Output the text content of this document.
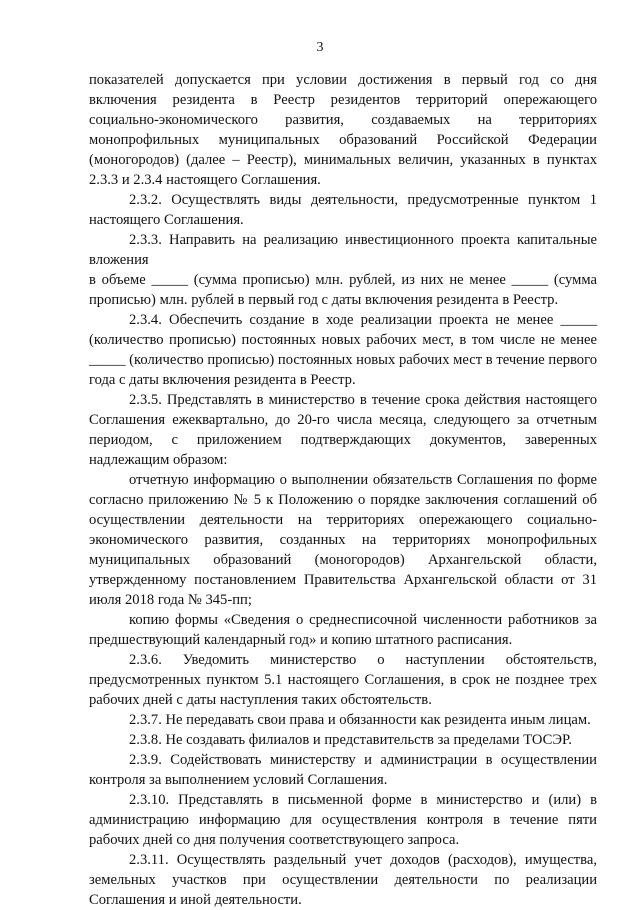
3

показателей допускается при условии достижения в первый год со дня включения резидента в Реестр резидентов территорий опережающего социально-экономического развития, создаваемых на территориях монопрофильных муниципальных образований Российской Федерации (моногородов) (далее – Реестр), минимальных величин, указанных в пунктах 2.3.3 и 2.3.4 настоящего Соглашения.

2.3.2. Осуществлять виды деятельности, предусмотренные пунктом 1 настоящего Соглашения.

2.3.3. Направить на реализацию инвестиционного проекта капитальные вложения

в объеме _____ (сумма прописью) млн. рублей, из них не менее _____ (сумма прописью) млн. рублей в первый год с даты включения резидента в Реестр.

2.3.4. Обеспечить создание в ходе реализации проекта не менее _____ (количество прописью) постоянных новых рабочих мест, в том числе не менее _____ (количество прописью) постоянных новых рабочих мест в течение первого года с даты включения резидента в Реестр.

2.3.5. Представлять в министерство в течение срока действия настоящего Соглашения ежеквартально, до 20-го числа месяца, следующего за отчетным периодом, с приложением подтверждающих документов, заверенных надлежащим образом:

отчетную информацию о выполнении обязательств Соглашения по форме согласно приложению № 5 к Положению о порядке заключения соглашений об осуществлении деятельности на территориях опережающего социально-экономического развития, созданных на территориях монопрофильных муниципальных образований (моногородов) Архангельской области, утвержденному постановлением Правительства Архангельской области от 31 июля 2018 года № 345-пп;

копию формы «Сведения о среднесписочной численности работников за предшествующий календарный год» и копию штатного расписания.

2.3.6. Уведомить министерство о наступлении обстоятельств, предусмотренных пунктом 5.1 настоящего Соглашения, в срок не позднее трех рабочих дней с даты наступления таких обстоятельств.

2.3.7. Не передавать свои права и обязанности как резидента иным лицам.

2.3.8. Не создавать филиалов и представительств за пределами ТОСЭР.

2.3.9. Содействовать министерству и администрации в осуществлении контроля за выполнением условий Соглашения.

2.3.10. Представлять в письменной форме в министерство и (или) в администрацию информацию для осуществления контроля в течение пяти рабочих дней со дня получения соответствующего запроса.

2.3.11. Осуществлять раздельный учет доходов (расходов), имущества, земельных участков при осуществлении деятельности по реализации Соглашения и иной деятельности.
